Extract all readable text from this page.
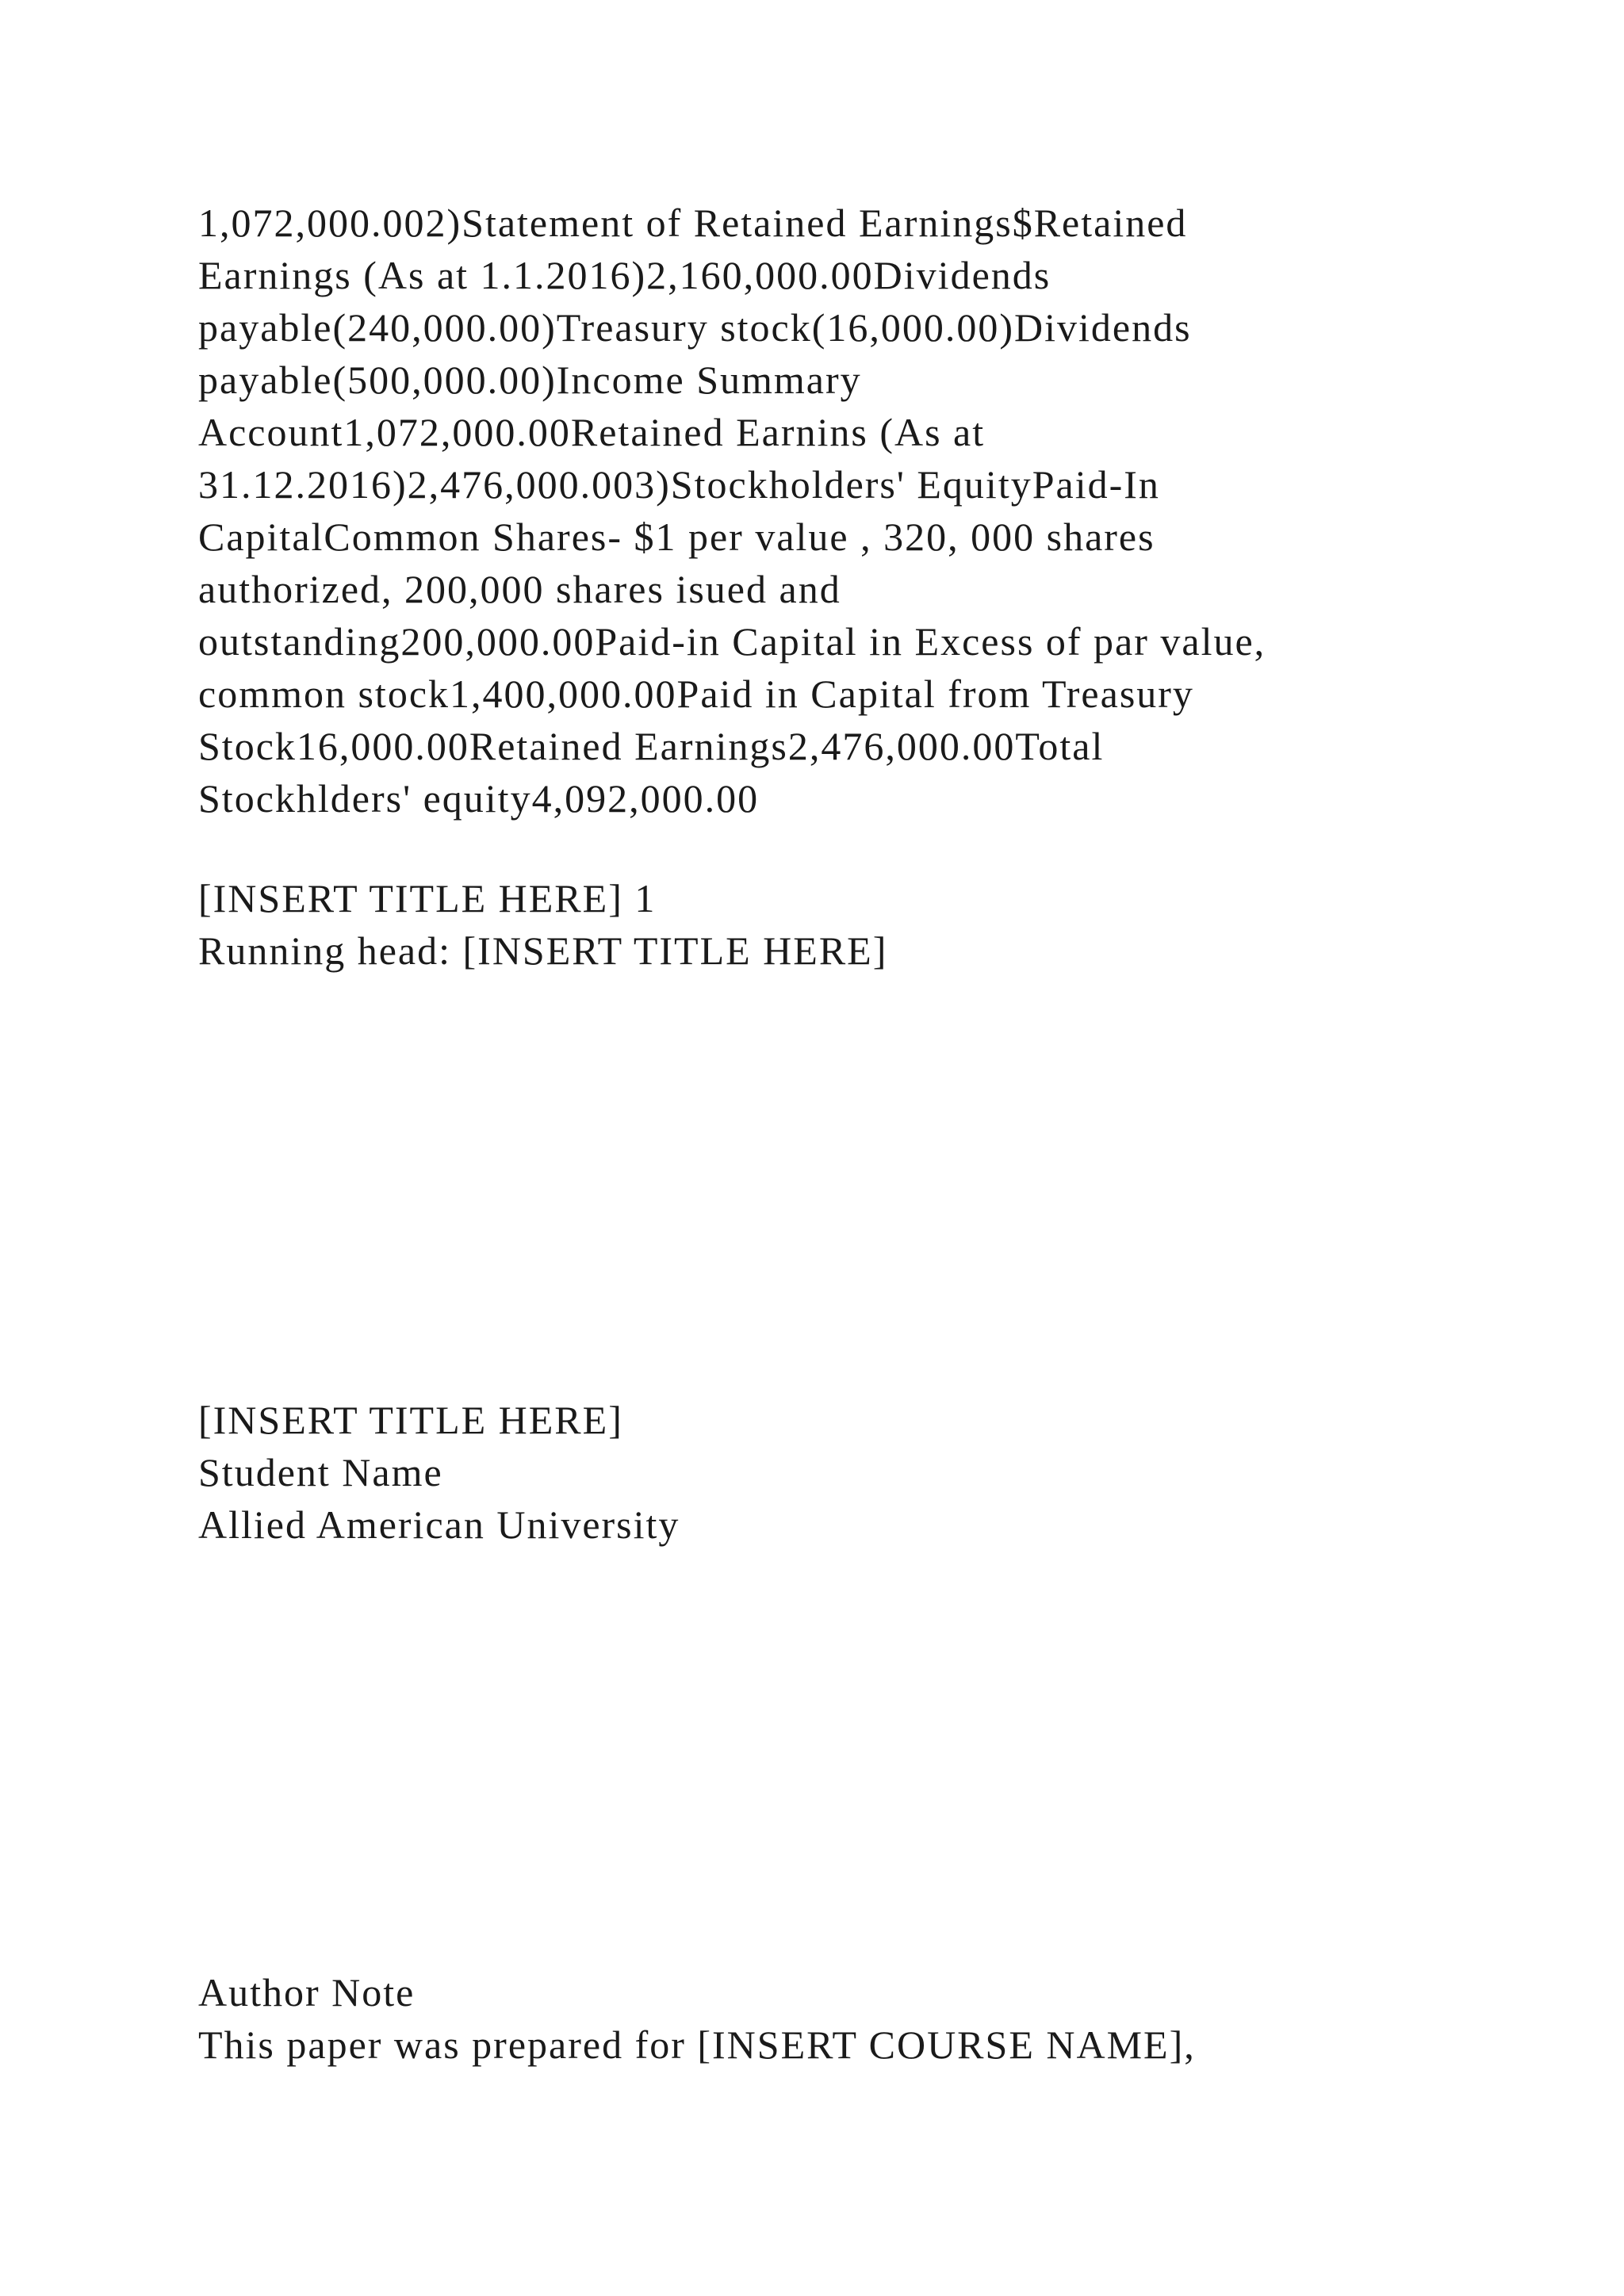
1,072,000.002)Statement of Retained Earnings$Retained
Earnings (As at 1.1.2016)2,160,000.00Dividends
payable(240,000.00)Treasury stock(16,000.00)Dividends
payable(500,000.00)Income Summary
Account1,072,000.00Retained Earnins (As at
31.12.2016)2,476,000.003)Stockholders' EquityPaid-In
CapitalCommon Shares- $1 per value , 320, 000 shares
authorized, 200,000 shares isued and
outstanding200,000.00Paid-in Capital in Excess of par value,
common stock1,400,000.00Paid in Capital from Treasury
Stock16,000.00Retained Earnings2,476,000.00Total
Stockhlders' equity4,092,000.00
[INSERT TITLE HERE] 1
Running head: [INSERT TITLE HERE]
[INSERT TITLE HERE]
Student Name
Allied American University
Author Note
This paper was prepared for [INSERT COURSE NAME],
